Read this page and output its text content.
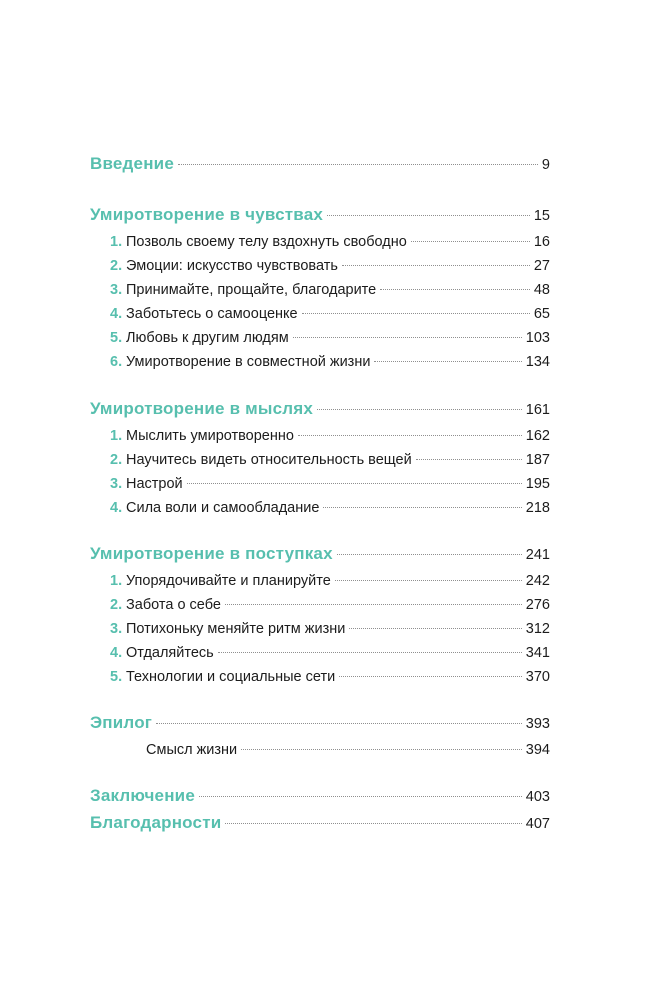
Введение	9
Умиротворение в чувствах	15
1. Позволь своему телу вздохнуть свободно	16
2. Эмоции: искусство чувствовать	27
3. Принимайте, прощайте, благодарите	48
4. Заботьтесь о самооценке	65
5. Любовь к другим людям	103
6. Умиротворение в совместной жизни	134
Умиротворение в мыслях	161
1. Мыслить умиротворенно	162
2. Научитесь видеть относительность вещей	187
3. Настрой	195
4. Сила воли и самообладание	218
Умиротворение в поступках	241
1. Упорядочивайте и планируйте	242
2. Забота о себе	276
3. Потихоньку меняйте ритм жизни	312
4. Отдаляйтесь	341
5. Технологии и социальные сети	370
Эпилог	393
Смысл жизни	394
Заключение	403
Благодарности	407
